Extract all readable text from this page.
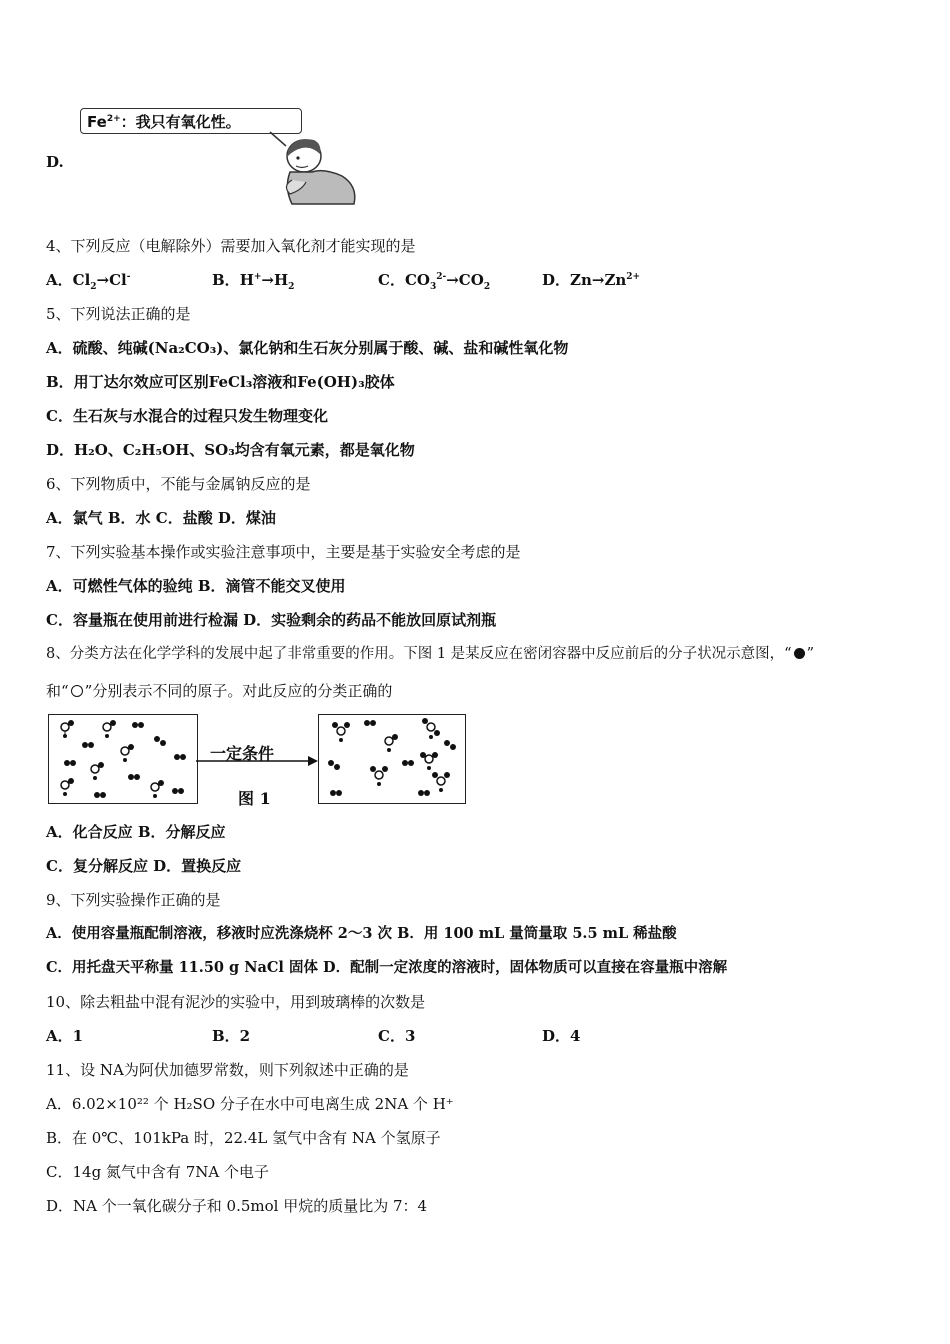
D.
$Fe^{2+}$：我只有氧化性。
4、下列反应（电解除外）需要加入氧化剂才能实现的是
A．$Cl_2\to Cl^-$	B．$H^+\to H_2$	C．$CO_3^{2-}\to CO_2$	D．$Zn\to Zn^{2+}$
5、下列说法正确的是
A．硫酸、纯碱(Na₂CO₃)、氯化钠和生石灰分别属于酸、碱、盐和碱性氧化物
B．用丁达尔效应可区别FeCl₃溶液和Fe(OH)₃胶体
C．生石灰与水混合的过程只发生物理变化
D．H₂O、C₂H₅OH、SO₃均含有氧元素，都是氧化物
6、下列物质中，不能与金属钠反应的是
A．氯气 B．水 C．盐酸 D．煤油
7、下列实验基本操作或实验注意事项中，主要是基于实验安全考虑的是
A．可燃性气体的验纯 B．滴管不能交叉使用
C．容量瓶在使用前进行检漏 D．实验剩余的药品不能放回原试剂瓶
8、分类方法在化学学科的发展中起了非常重要的作用。下图 1 是某反应在密闭容器中反应前后的分子状况示意图，“ ”
和“ ”分别表示不同的原子。对此反应的分类正确的
一定条件
图 1
A．化合反应 B．分解反应
C．复分解反应 D．置换反应
9、下列实验操作正确的是
A．使用容量瓶配制溶液，移液时应洗涤烧杯 2～3 次 B．用 100 mL 量筒量取 5.5 mL 稀盐酸
C．用托盘天平称量 11.50 g NaCl 固体 D．配制一定浓度的溶液时，固体物质可以直接在容量瓶中溶解
10、除去粗盐中混有泥沙的实验中，用到玻璃棒的次数是
A．1	B．2	C．3	D．4
11、设 NA为阿伏加德罗常数，则下列叙述中正确的是
A．6.02×10²² 个 H₂SO 分子在水中可电离生成 2NA 个 H⁺
B．在 0℃、101kPa 时，22.4L 氢气中含有 NA 个氢原子
C．14g 氮气中含有 7NA 个电子
D．NA 个一氧化碳分子和 0.5mol 甲烷的质量比为 7：4
